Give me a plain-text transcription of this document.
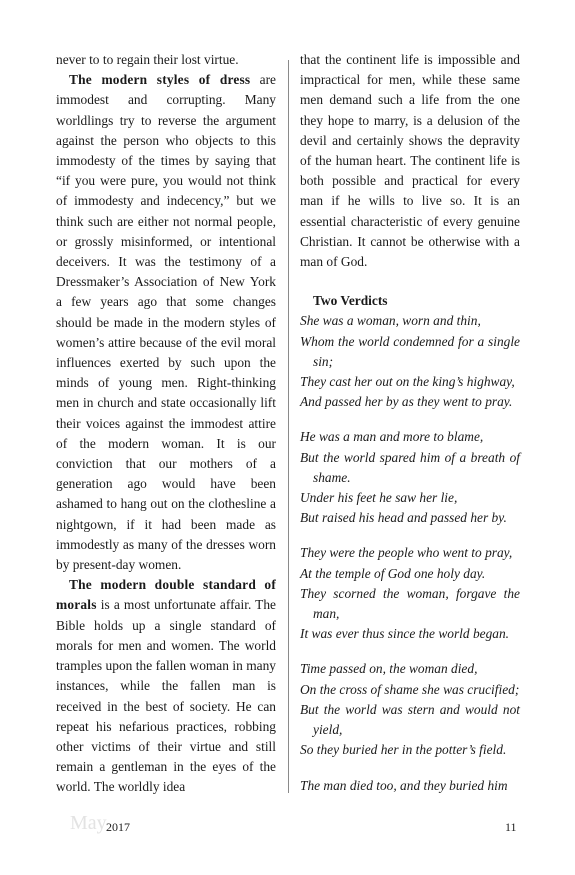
never to to regain their lost virtue.

The modern styles of dress are immodest and corrupting. Many worldlings try to reverse the argument against the person who objects to this immodesty of the times by saying that “if you were pure, you would not think of immodesty and indecency,” but we think such are either not normal people, or grossly misinformed, or intentional deceivers. It was the testimony of a Dressmaker’s Association of New York a few years ago that some changes should be made in the modern styles of women’s attire because of the evil moral influences exerted by such upon the minds of young men. Right-thinking men in church and state occasionally lift their voices against the immodest attire of the modern woman. It is our conviction that our mothers of a generation ago would have been ashamed to hang out on the clothesline a nightgown, if it had been made as immodestly as many of the dresses worn by present-day women.

The modern double standard of morals is a most unfortunate affair. The Bible holds up a single standard of morals for men and women. The world tramples upon the fallen woman in many instances, while the fallen man is received in the best of society. He can repeat his nefarious practices, robbing other victims of their virtue and still remain a gentleman in the eyes of the world. The worldly idea

that the continent life is impossible and impractical for men, while these same men demand such a life from the one they hope to marry, is a delusion of the devil and certainly shows the depravity of the human heart. The continent life is both possible and practical for every man if he wills to live so. It is an essential characteristic of every genuine Christian. It cannot be otherwise with a man of God.

Two Verdicts
She was a woman, worn and thin,
Whom the world condemned for a single sin;
They cast her out on the king’s highway,
And passed her by as they went to pray.
He was a man and more to blame,
But the world spared him of a breath of shame.
Under his feet he saw her lie,
But raised his head and passed her by.
They were the people who went to pray,
At the temple of God one holy day.
They scorned the woman, forgave the man,
It was ever thus since the world began.
Time passed on, the woman died,
On the cross of shame she was crucified;
But the world was stern and would not yield,
So they buried her in the potter’s field.
The man died too, and they buried him
May 2017	11
